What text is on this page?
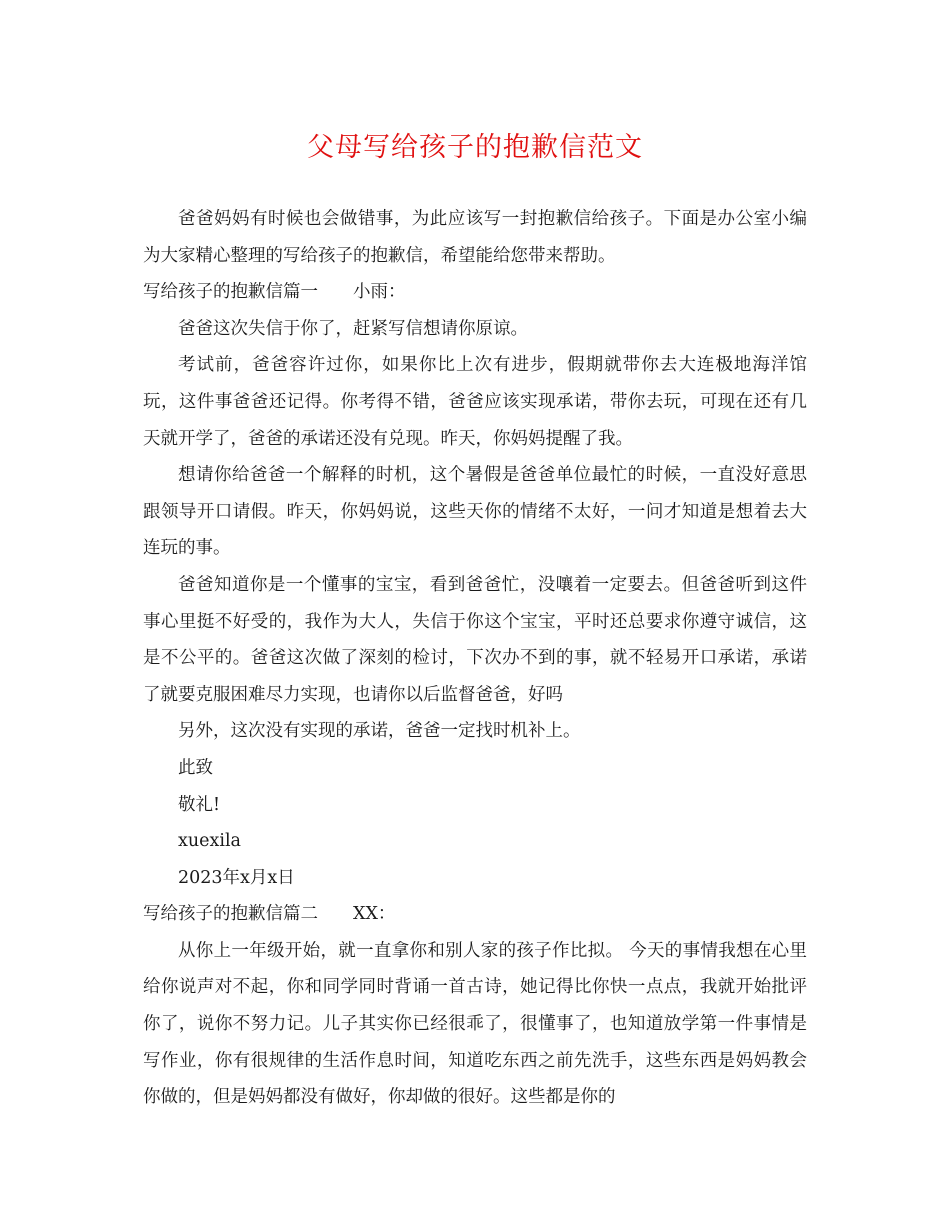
父母写给孩子的抱歉信范文

爸爸妈妈有时候也会做错事，为此应该写一封抱歉信给孩子。下面是办公室小编为大家精心整理的写给孩子的抱歉信，希望能给您带来帮助。

写给孩子的抱歉信篇一　　小雨：

爸爸这次失信于你了，赶紧写信想请你原谅。

考试前，爸爸容许过你，如果你比上次有进步，假期就带你去大连极地海洋馆玩，这件事爸爸还记得。你考得不错，爸爸应该实现承诺，带你去玩，可现在还有几天就开学了，爸爸的承诺还没有兑现。昨天，你妈妈提醒了我。

想请你给爸爸一个解释的时机，这个暑假是爸爸单位最忙的时候，一直没好意思跟领导开口请假。昨天，你妈妈说，这些天你的情绪不太好，一问才知道是想着去大连玩的事。

爸爸知道你是一个懂事的宝宝，看到爸爸忙，没嚷着一定要去。但爸爸听到这件事心里挺不好受的，我作为大人，失信于你这个宝宝，平时还总要求你遵守诚信，这是不公平的。爸爸这次做了深刻的检讨，下次办不到的事，就不轻易开口承诺，承诺了就要克服困难尽力实现，也请你以后监督爸爸，好吗

另外，这次没有实现的承诺，爸爸一定找时机补上。

此致

敬礼!

xuexila

2023年x月x日

写给孩子的抱歉信篇二　　XX：

从你上一年级开始，就一直拿你和别人家的孩子作比拟。 今天的事情我想在心里给你说声对不起，你和同学同时背诵一首古诗，她记得比你快一点点，我就开始批评你了，说你不努力记。儿子其实你已经很乖了，很懂事了，也知道放学第一件事情是写作业，你有很规律的生活作息时间，知道吃东西之前先洗手，这些东西是妈妈教会你做的，但是妈妈都没有做好，你却做的很好。这些都是你的
